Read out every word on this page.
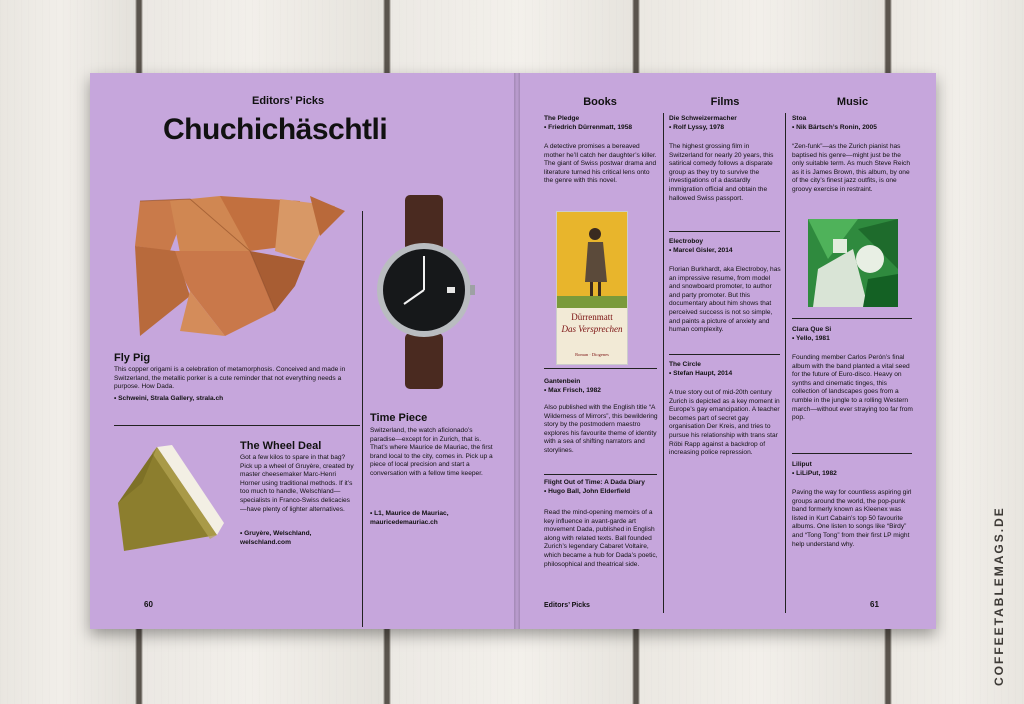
Editors’ Picks

Chuchichäschtli

Fly Pig

This copper origami is a celebration of metamorphosis. Conceived and made in Switzerland, the metallic porker is a cute reminder that not everything needs a purpose. How Dada.

• Schweini, Strala Gallery, strala.ch

The Wheel Deal

Got a few kilos to spare in that bag? Pick up a wheel of Gruyère, created by master cheesemaker Marc-Henri Horner using traditional methods. If it’s too much to handle, Welschland—specialists in Franco-Swiss delicacies—have plenty of lighter alternatives.

• Gruyère, Welschland, welschland.com

Time Piece

Switzerland, the watch aficionado’s paradise—except for in Zurich, that is. That’s where Maurice de Mauriac, the first brand local to the city, comes in. Pick up a piece of local precision and start a conversation with a fellow time keeper.

• L1, Maurice de Mauriac, mauricedemauriac.ch

60

Books	Films	Music

The Pledge

• Friedrich Dürrenmatt, 1958

A detective promises a bereaved mother he’ll catch her daughter’s killer. The giant of Swiss postwar drama and literature turned his critical lens onto the genre with this novel.

Dürrenmatt

Das Versprechen

Roman · Diogenes

Gantenbein

• Max Frisch, 1982

Also published with the English title “A Wilderness of Mirrors”, this bewildering story by the postmodern maestro explores his favourite theme of identity with a sea of shifting narrators and storylines.

Flight Out of Time: A Dada Diary

• Hugo Ball, John Elderfield

Read the mind-opening memoirs of a key influence in avant-garde art movement Dada, published in English along with related texts. Ball founded Zurich’s legendary Cabaret Voltaire, which became a hub for Dada’s poetic, philosophical and theatrical side.

Editors’ Picks

Die Schweizermacher

• Rolf Lyssy, 1978

The highest grossing film in Switzerland for nearly 20 years, this satirical comedy follows a disparate group as they try to survive the investigations of a dastardly immigration official and obtain the hallowed Swiss passport.

Electroboy

• Marcel Gisler, 2014

Florian Burkhardt, aka Electroboy, has an impressive resume, from model and snowboard promoter, to author and party promoter. But this documentary about him shows that perceived success is not so simple, and paints a picture of anxiety and human complexity.

The Circle

• Stefan Haupt, 2014

A true story out of mid-20th century Zurich is depicted as a key moment in Europe’s gay emancipation. A teacher becomes part of secret gay organisation Der Kreis, and tries to pursue his relationship with trans star Röbi Rapp against a backdrop of increasing police repression.

Stoa

• Nik Bärtsch’s Ronin, 2005

“Zen-funk”—as the Zurich pianist has baptised his genre—might just be the only suitable term. As much Steve Reich as it is James Brown, this album, by one of the city’s finest jazz outfits, is one groovy exercise in restraint.

Clara Que Si

• Yello, 1981

Founding member Carlos Perón’s final album with the band planted a vital seed for the future of Euro-disco. Heavy on synths and cinematic tinges, this collection of landscapes goes from a rumble in the jungle to a rolling Western march—without ever straying too far from pop.

Liliput

• LiLiPut, 1982

Paving the way for countless aspiring girl groups around the world, the pop-punk band formerly known as Kleenex was listed in Kurt Cabain’s top 50 favourite albums. One listen to songs like “Birdy” and “Tong Tong” from their first LP might help understand why.

61	COFFEETABLEMAGS.DE
